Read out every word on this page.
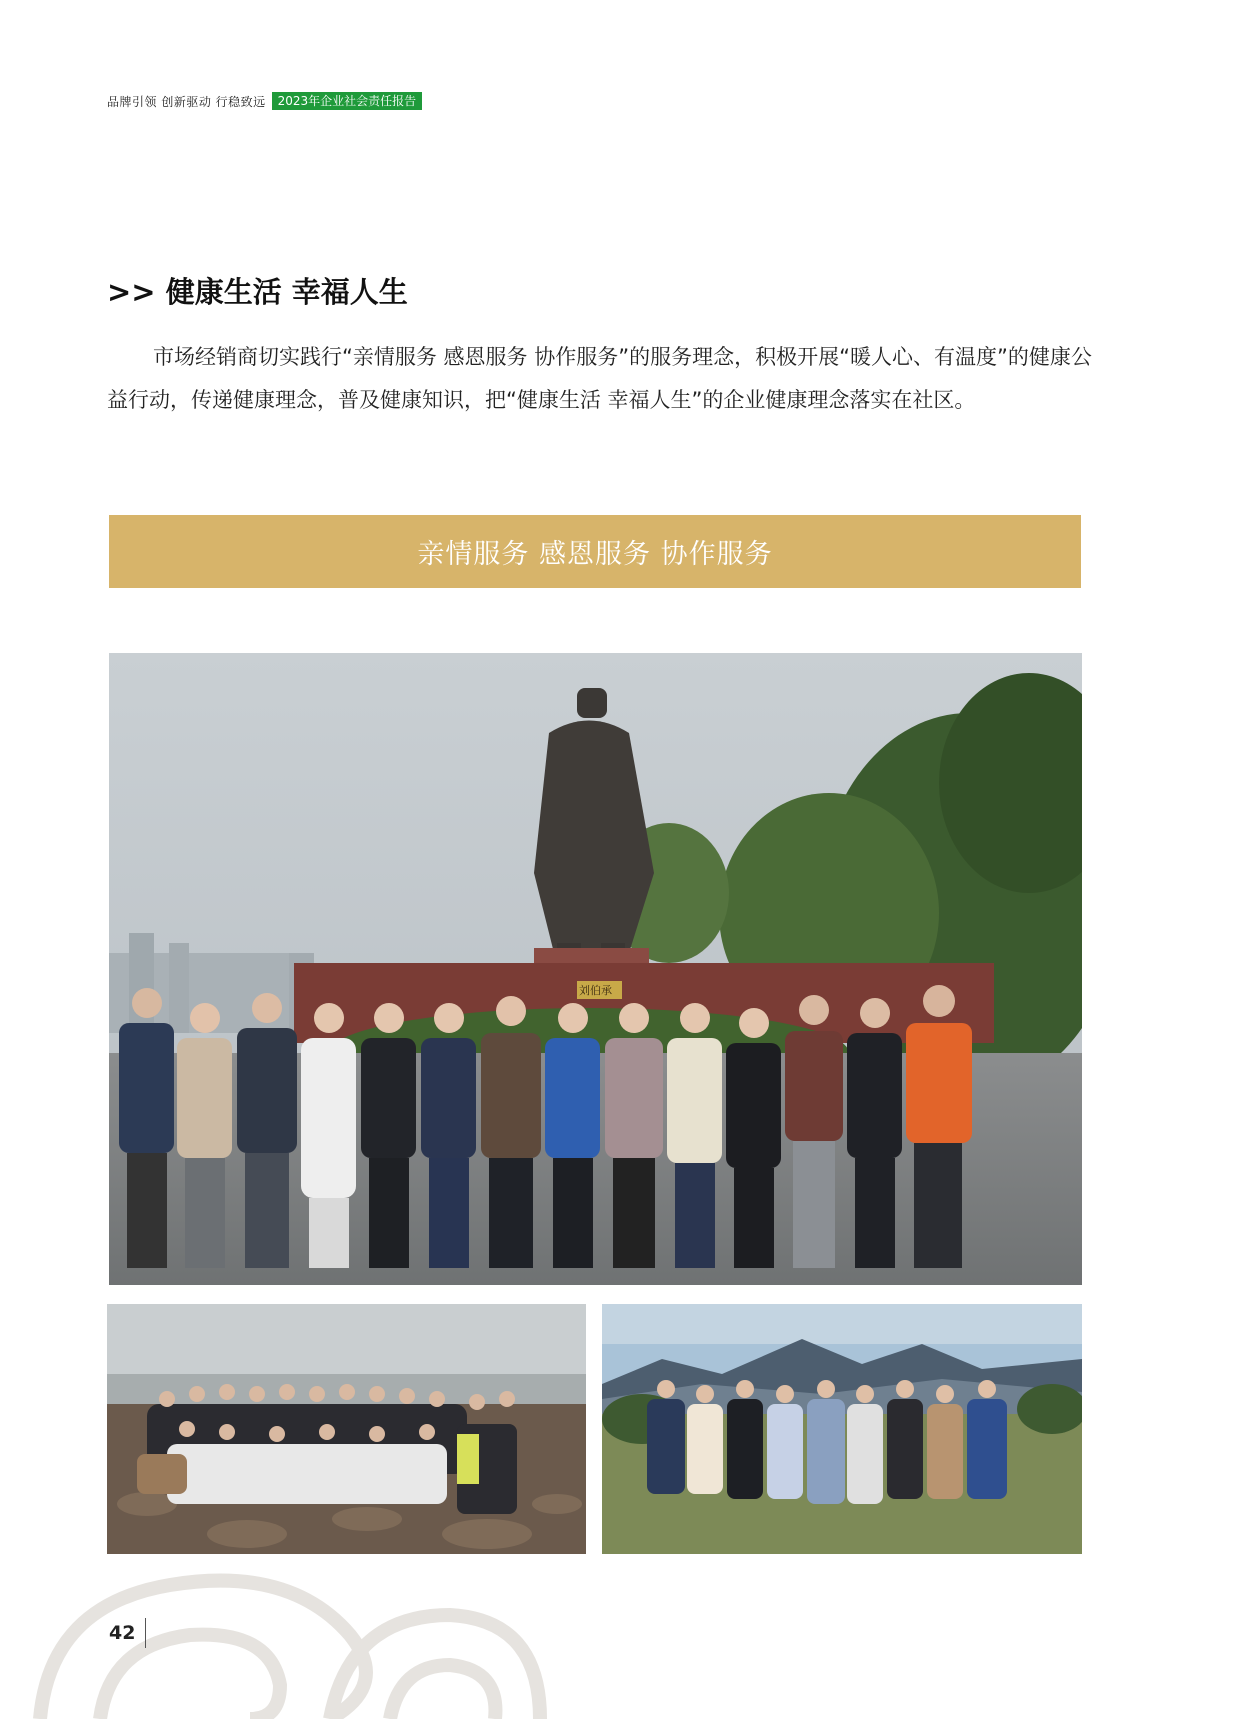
品牌引领 创新驱动 行稳致远	2023年企业社会责任报告
>> 健康生活 幸福人生

市场经销商切实践行“亲情服务 感恩服务 协作服务”的服务理念，积极开展“暖人心、有温度”的健康公益行动，传递健康理念，普及健康知识，把“健康生活 幸福人生”的企业健康理念落实在社区。

亲情服务 感恩服务 协作服务
刘伯承
42
